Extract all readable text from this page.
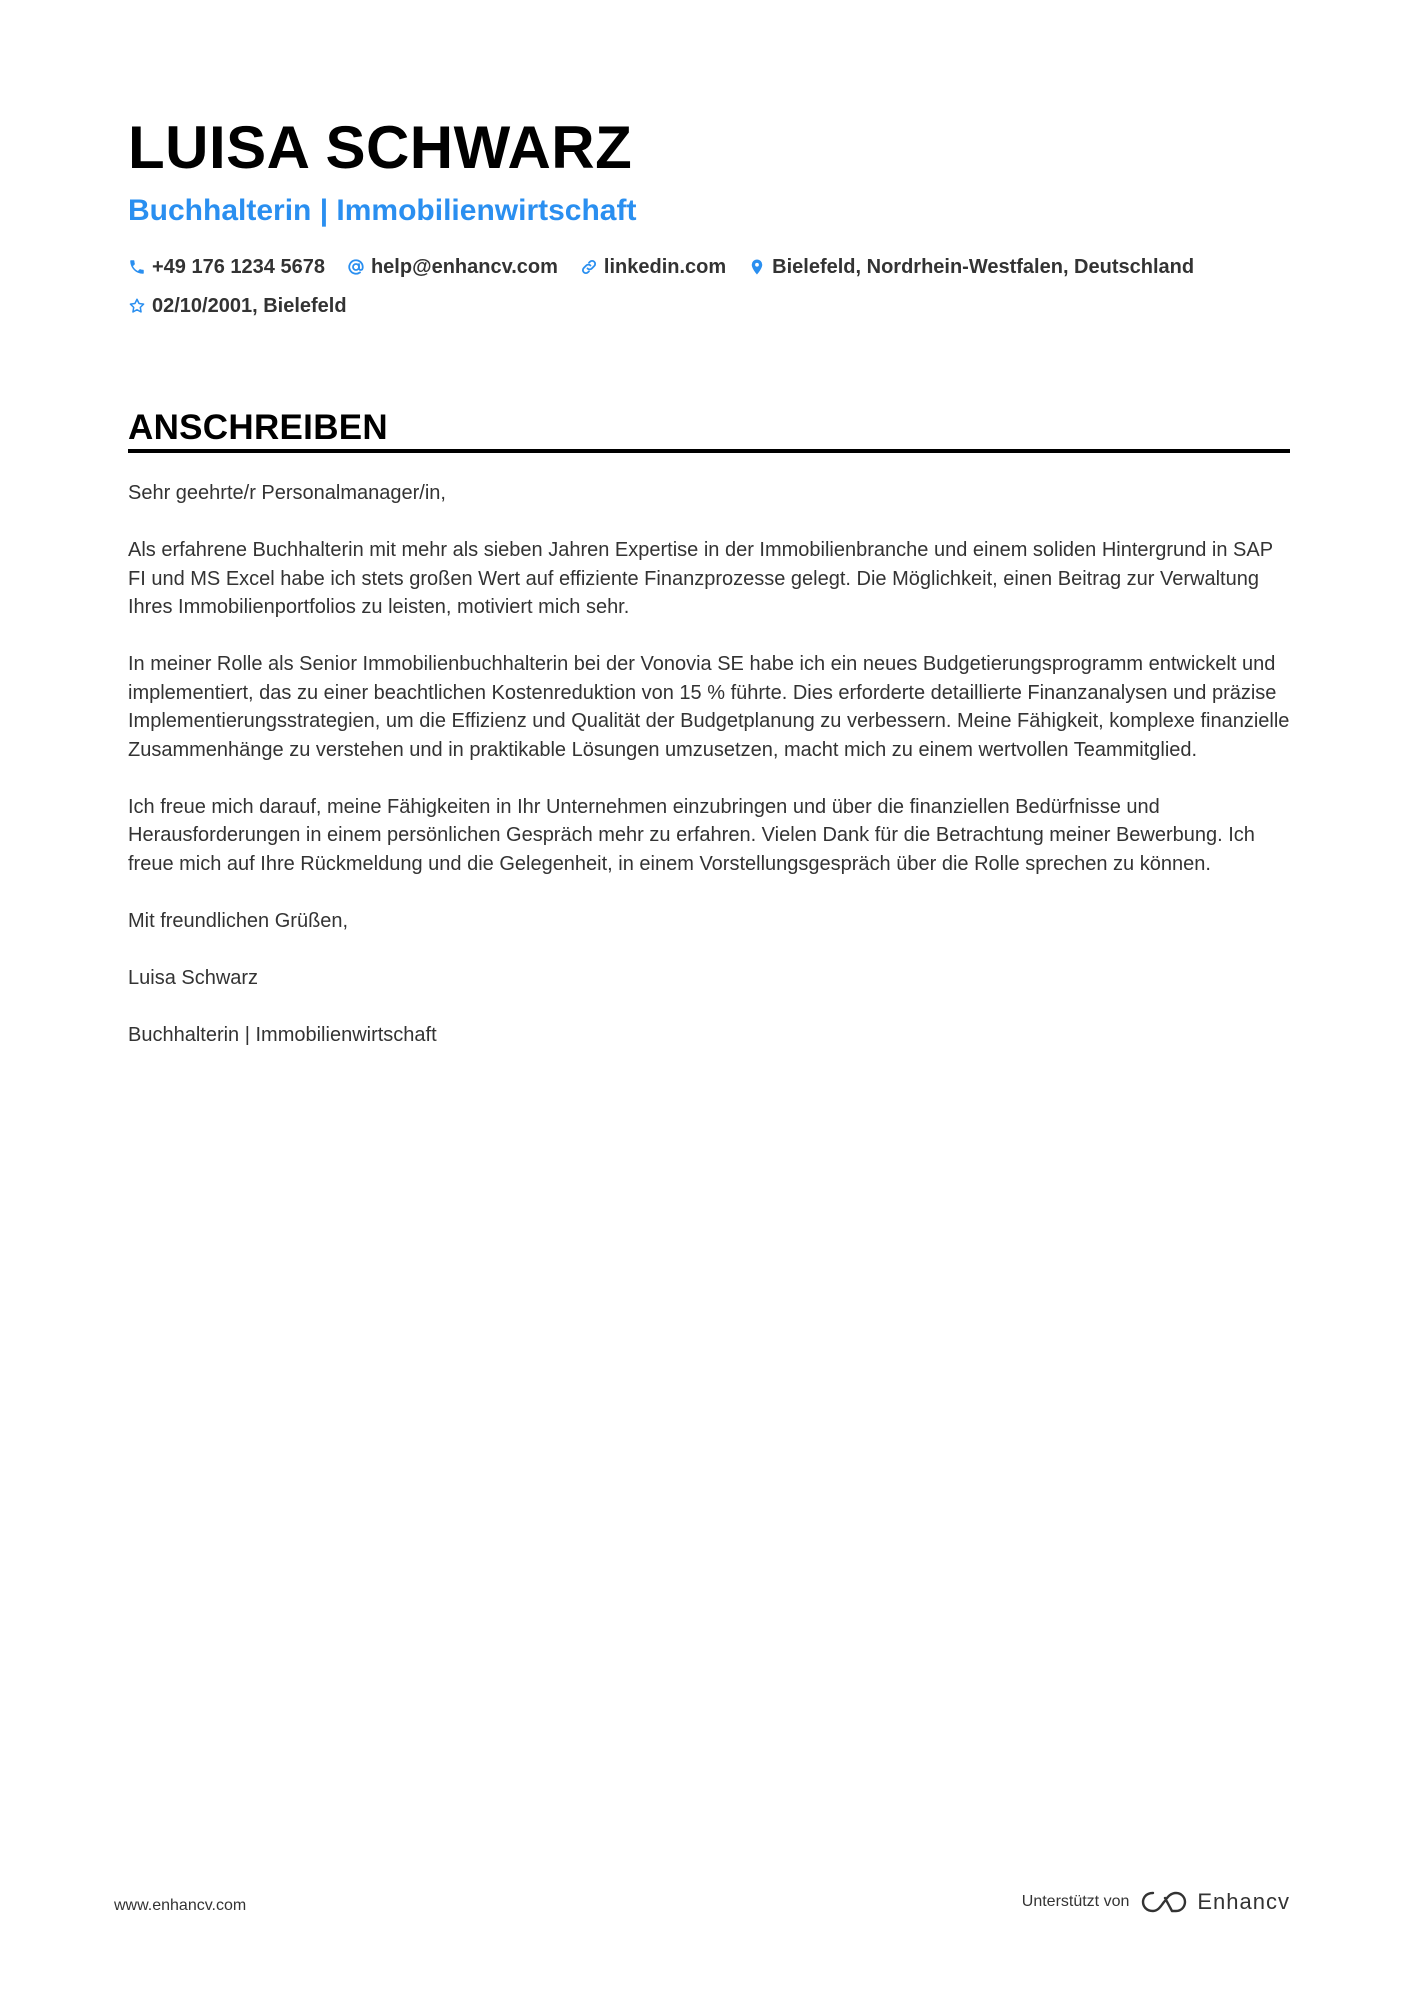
LUISA SCHWARZ
Buchhalterin | Immobilienwirtschaft
+49 176 1234 5678 help@enhancv.com linkedin.com Bielefeld, Nordrhein-Westfalen, Deutschland
02/10/2001, Bielefeld
ANSCHREIBEN

Sehr geehrte/r Personalmanager/in,

Als erfahrene Buchhalterin mit mehr als sieben Jahren Expertise in der Immobilienbranche und einem soliden Hintergrund in SAP FI und MS Excel habe ich stets großen Wert auf effiziente Finanzprozesse gelegt. Die Möglichkeit, einen Beitrag zur Verwaltung Ihres Immobilienportfolios zu leisten, motiviert mich sehr.

In meiner Rolle als Senior Immobilienbuchhalterin bei der Vonovia SE habe ich ein neues Budgetierungsprogramm entwickelt und implementiert, das zu einer beachtlichen Kostenreduktion von 15 % führte. Dies erforderte detaillierte Finanzanalysen und präzise Implementierungsstrategien, um die Effizienz und Qualität der Budgetplanung zu verbessern. Meine Fähigkeit, komplexe finanzielle Zusammenhänge zu verstehen und in praktikable Lösungen umzusetzen, macht mich zu einem wertvollen Teammitglied.

Ich freue mich darauf, meine Fähigkeiten in Ihr Unternehmen einzubringen und über die finanziellen Bedürfnisse und Herausforderungen in einem persönlichen Gespräch mehr zu erfahren. Vielen Dank für die Betrachtung meiner Bewerbung. Ich freue mich auf Ihre Rückmeldung und die Gelegenheit, in einem Vorstellungsgespräch über die Rolle sprechen zu können.

Mit freundlichen Grüßen,

Luisa Schwarz

Buchhalterin | Immobilienwirtschaft

www.enhancv.com	Unterstützt von	Enhancv
